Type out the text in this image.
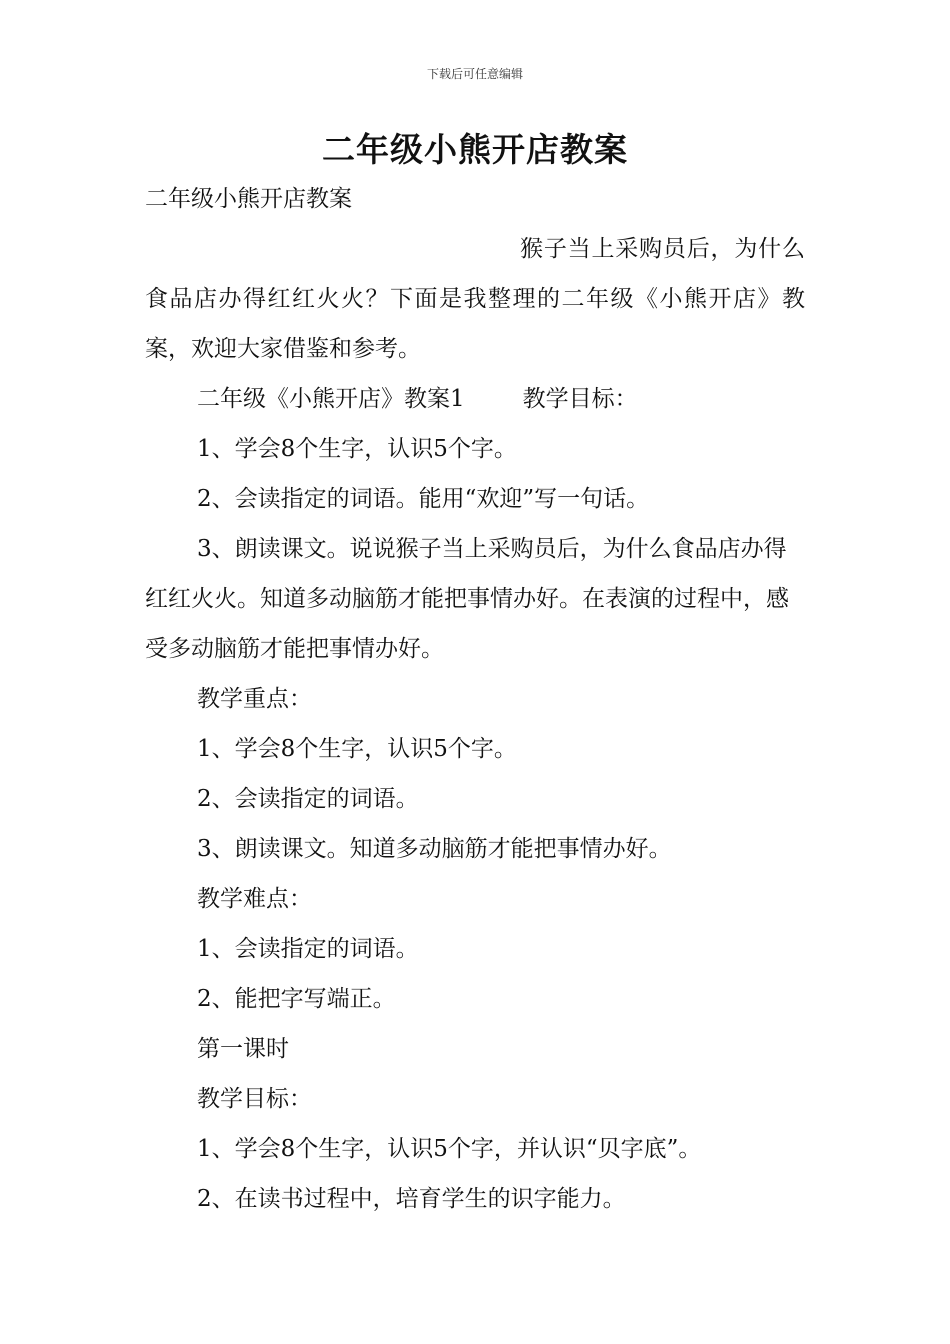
下载后可任意编辑
二年级小熊开店教案

二年级小熊开店教案

猴子当上采购员后，为什么食品店办得红红火火？下面是我整理的二年级《小熊开店》教案，欢迎大家借鉴和参考。

二年级《小熊开店》教案1	教学目标：

1、学会8个生字，认识5个字。

2、会读指定的词语。能用“欢迎”写一句话。

3、朗读课文。说说猴子当上采购员后，为什么食品店办得红红火火。知道多动脑筋才能把事情办好。在表演的过程中，感受多动脑筋才能把事情办好。

教学重点：

1、学会8个生字，认识5个字。

2、会读指定的词语。

3、朗读课文。知道多动脑筋才能把事情办好。

教学难点：

1、会读指定的词语。

2、能把字写端正。

第一课时

教学目标：

1、学会8个生字，认识5个字，并认识“贝字底”。

2、在读书过程中，培育学生的识字能力。
